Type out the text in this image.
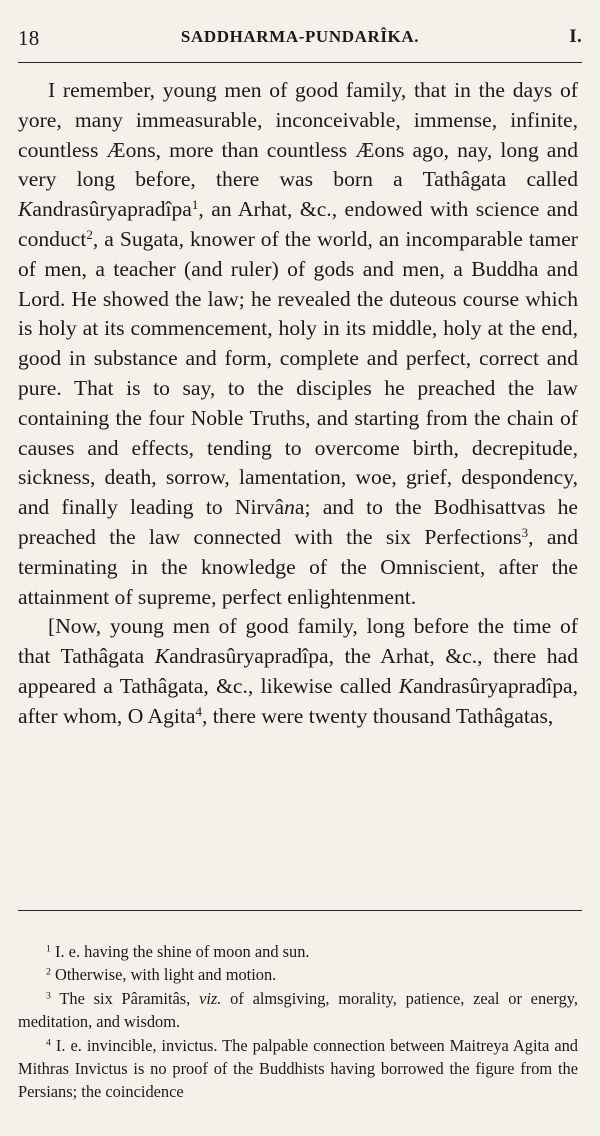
18	SADDHARMA-PUNDARÎKA.	I.

I remember, young men of good family, that in the days of yore, many immeasurable, inconceivable, immense, infinite, countless Æons, more than countless Æons ago, nay, long and very long before, there was born a Tathâgata called Kandrasûryapradîpa$^1$, an Arhat, &c., endowed with science and conduct$^2$, a Sugata, knower of the world, an incomparable tamer of men, a teacher (and ruler) of gods and men, a Buddha and Lord. He showed the law; he revealed the duteous course which is holy at its commencement, holy in its middle, holy at the end, good in substance and form, complete and perfect, correct and pure. That is to say, to the disciples he preached the law containing the four Noble Truths, and starting from the chain of causes and effects, tending to overcome birth, decrepitude, sickness, death, sorrow, lamentation, woe, grief, despondency, and finally leading to Nirvâna; and to the Bodhisattvas he preached the law connected with the six Perfections$^3$, and terminating in the knowledge of the Omniscient, after the attainment of supreme, perfect enlightenment.

[Now, young men of good family, long before the time of that Tathâgata Kandrasûryapradîpa, the Arhat, &c., there had appeared a Tathâgata, &c., likewise called Kandrasûryapradîpa, after whom, O Agita$^4$, there were twenty thousand Tathâgatas,

$^1$ I. e. having the shine of moon and sun.

$^2$ Otherwise, with light and motion.

$^3$ The six Pâramitâs, viz. of almsgiving, morality, patience, zeal or energy, meditation, and wisdom.

$^4$ I. e. invincible, invictus. The palpable connection between Maitreya Agita and Mithras Invictus is no proof of the Buddhists having borrowed the figure from the Persians; the coincidence
